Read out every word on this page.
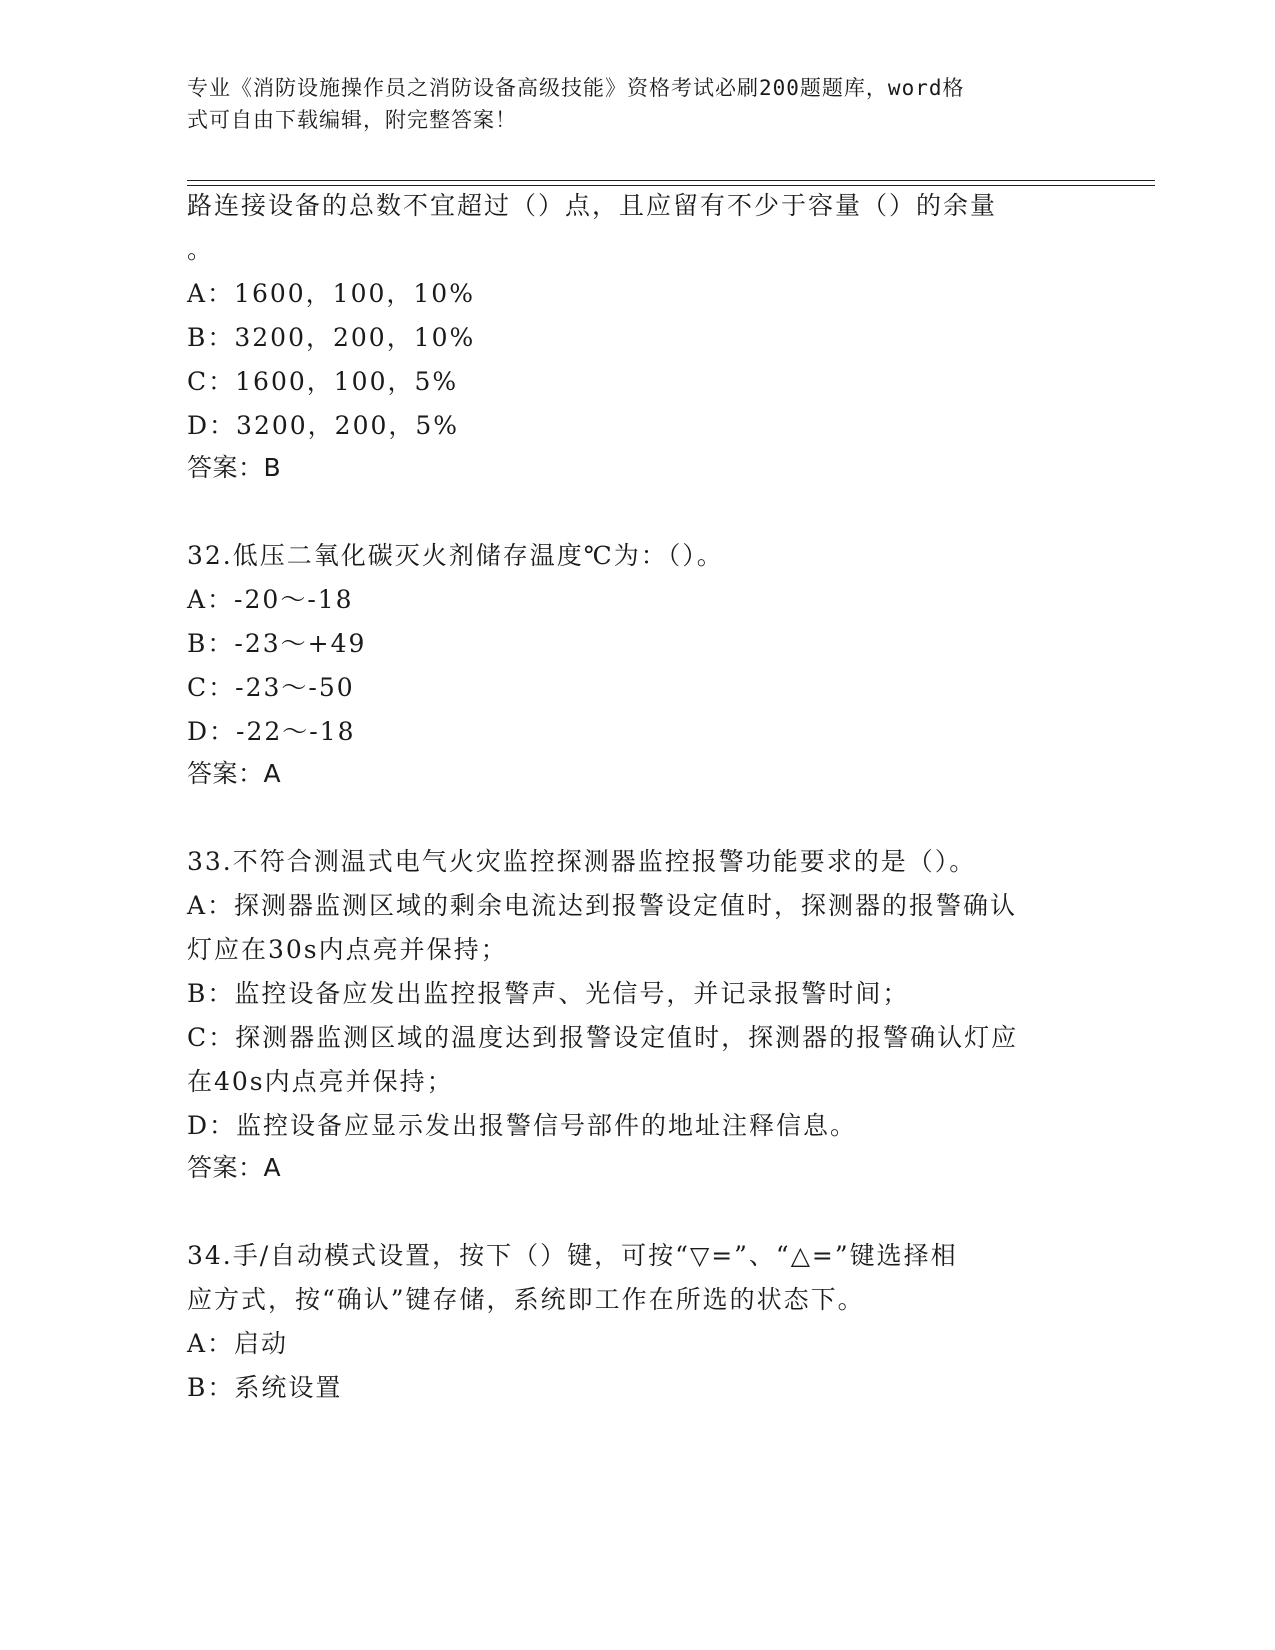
专业《消防设施操作员之消防设备高级技能》资格考试必刷200题题库，word格
式可自由下载编辑，附完整答案！
路连接设备的总数不宜超过（）点，且应留有不少于容量（）的余量
。
A：1600，100，10%
B：3200，200，10%
C：1600，100，5%
D：3200，200，5%
答案：B
32.低压二氧化碳灭火剂储存温度℃为：（）。
A：-20～-18
B：-23～+49
C：-23～-50
D：-22～-18
答案：A
33.不符合测温式电气火灾监控探测器监控报警功能要求的是（）。
A：探测器监测区域的剩余电流达到报警设定值时，探测器的报警确认
灯应在30s内点亮并保持；
B：监控设备应发出监控报警声、光信号，并记录报警时间；
C：探测器监测区域的温度达到报警设定值时，探测器的报警确认灯应
在40s内点亮并保持；
D：监控设备应显示发出报警信号部件的地址注释信息。
答案：A
34.手/自动模式设置，按下（）键，可按“▽=”、“△=”键选择相
应方式，按“确认”键存储，系统即工作在所选的状态下。
A：启动
B：系统设置
